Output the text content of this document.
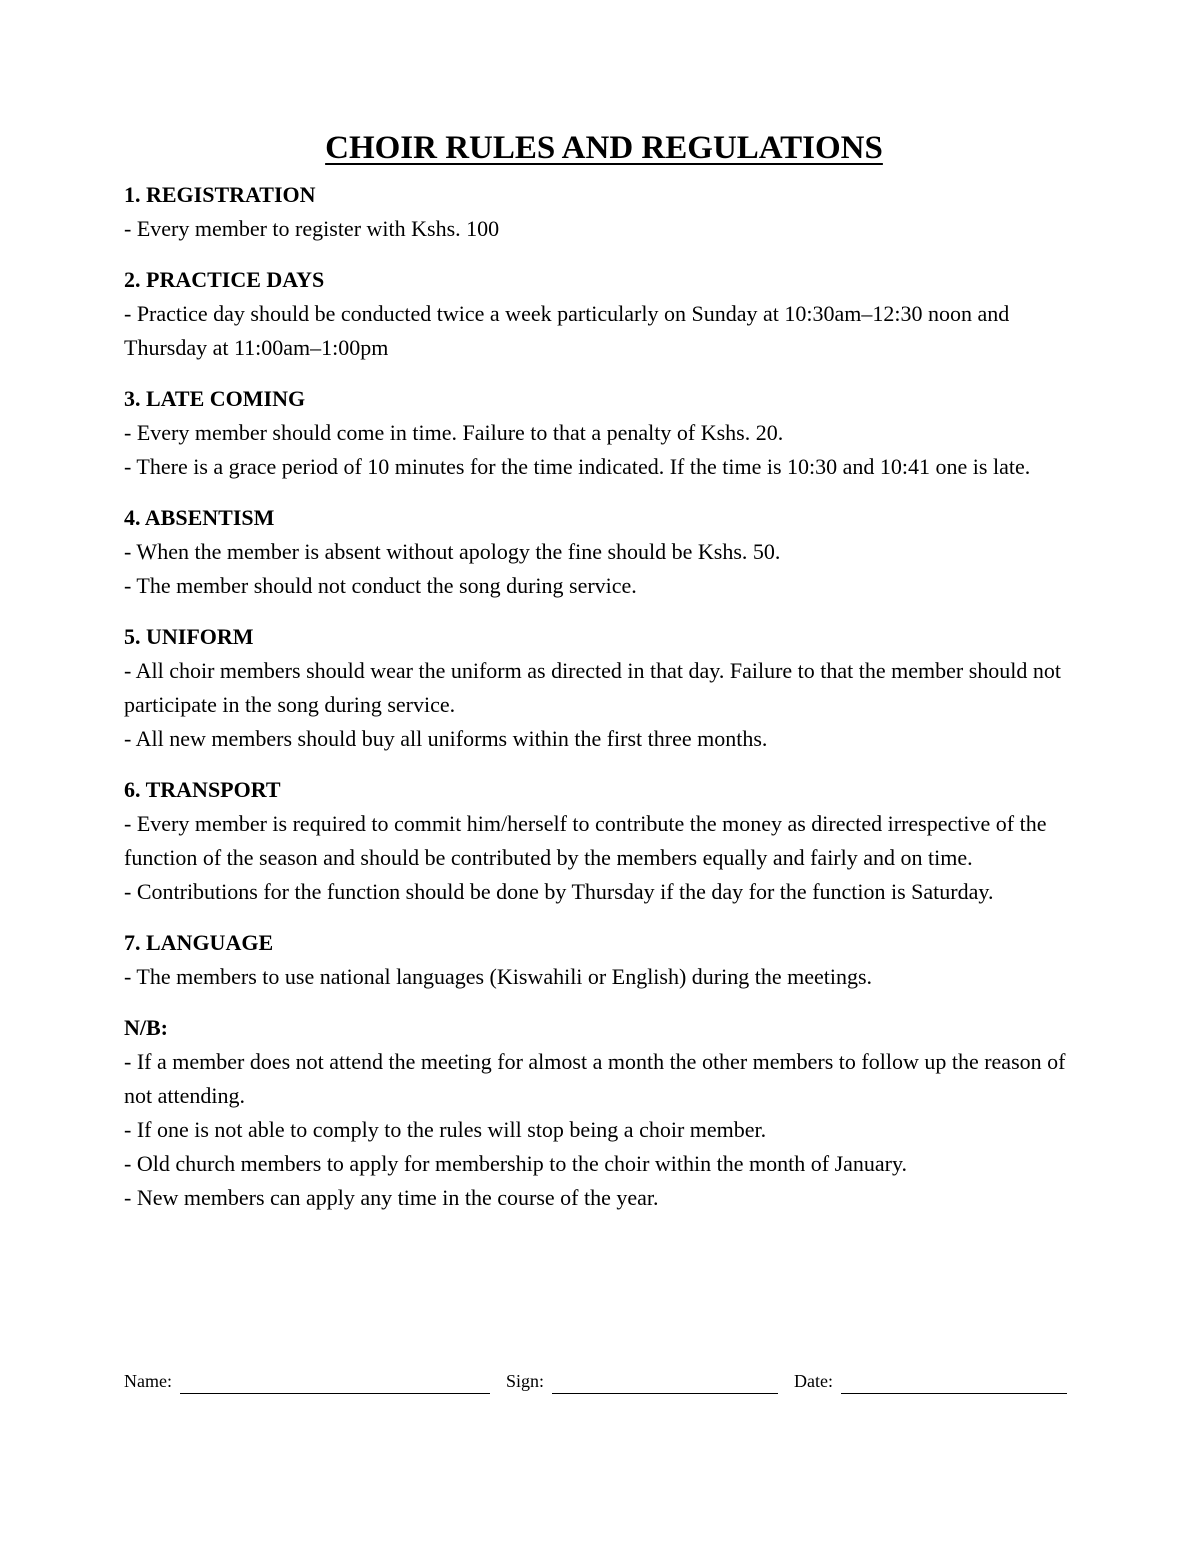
CHOIR RULES AND REGULATIONS

1. REGISTRATION

- Every member to register with Kshs. 100

2. PRACTICE DAYS

- Practice day should be conducted twice a week particularly on Sunday at 10:30am–12:30 noon and Thursday at 11:00am–1:00pm

3. LATE COMING

- Every member should come in time. Failure to that a penalty of Kshs. 20.

- There is a grace period of 10 minutes for the time indicated. If the time is 10:30 and 10:41 one is late.

4. ABSENTISM

- When the member is absent without apology the fine should be Kshs. 50.

- The member should not conduct the song during service.

5. UNIFORM

- All choir members should wear the uniform as directed in that day. Failure to that the member should not participate in the song during service.

- All new members should buy all uniforms within the first three months.

6. TRANSPORT

- Every member is required to commit him/herself to contribute the money as directed irrespective of the function of the season and should be contributed by the members equally and fairly and on time.

- Contributions for the function should be done by Thursday if the day for the function is Saturday.

7. LANGUAGE

- The members to use national languages (Kiswahili or English) during the meetings.

N/B:

- If a member does not attend the meeting for almost a month the other members to follow up the reason of not attending.

- If one is not able to comply to the rules will stop being a choir member.

- Old church members to apply for membership to the choir within the month of January.

- New members can apply any time in the course of the year.

Name:	Sign:	Date:
